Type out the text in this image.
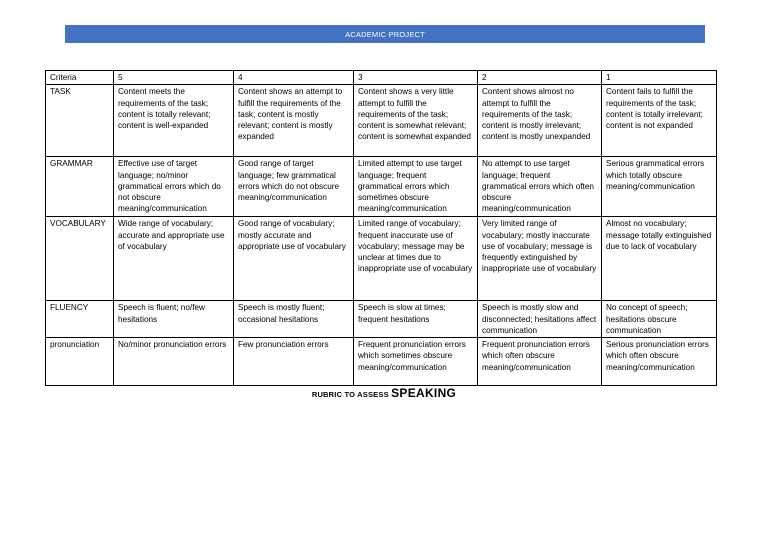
ACADEMIC PROJECT
Criteria	5	4	3	2	1
TASK	Content meets the requirements of the task; content is totally relevant; content is well-expanded	Content shows an attempt to fulfill the requirements of the task; content is mostly relevant; content is mostly expanded	Content shows a very little attempt to fulfill the requirements of the task; content is somewhat relevant; content is somewhat expanded	Content shows almost no attempt to fulfill the requirements of the task; content is mostly irrelevant; content is mostly unexpanded	Content fails to fulfill the requirements of the task; content is totally irrelevant; content is not expanded
GRAMMAR	Effective use of target language; no/minor grammatical errors which do not obscure meaning/communication	Good range of target language; few grammatical errors which do not obscure meaning/communication	Limited attempt to use target language; frequent grammatical errors which sometimes obscure meaning/communication	No attempt to use target language; frequent grammatical errors which often obscure meaning/communication	Serious grammatical errors which totally obscure meaning/communication
VOCABULARY	Wide range of vocabulary; accurate and appropriate use of vocabulary	Good range of vocabulary; mostly accurate and appropriate use of vocabulary	Limited range of vocabulary; frequent inaccurate use of vocabulary; message may be unclear at times due to inappropriate use of vocabulary	Very limited range of vocabulary; mostly inaccurate use of vocabulary; message is frequently extinguished by inappropriate use of vocabulary	Almost no vocabulary; message totally extinguished due to lack of vocabulary
FLUENCY	Speech is fluent; no/few hesitations	Speech is mostly fluent; occasional hesitations	Speech is slow at times; frequent hesitations	Speech is mostly slow and disconnected; hesitations affect communication	No concept of speech; hesitations obscure communication
pronunciation	No/minor pronunciation errors	Few pronunciation errors	Frequent pronunciation errors which sometimes obscure meaning/communication	Frequent pronunciation errors which often obscure meaning/communication	Serious pronunciation errors which often obscure meaning/communication
RUBRIC TO ASSESS SPEAKING
